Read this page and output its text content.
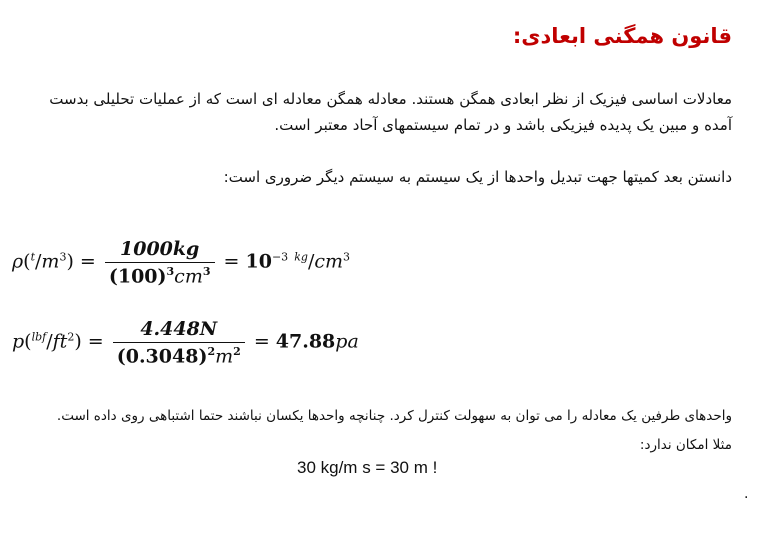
قانون همگنی ابعادی:
معادلات اساسی فیزیک از نظر ابعادی همگن هستند. معادله همگن معادله ای است که از عملیات تحلیلی بدست آمده و مبین یک پدیده فیزیکی باشد و در تمام سیستمهای آحاد معتبر است.
دانستن بعد کمیتها جهت تبدیل واحدها از یک سیستم به سیستم دیگر ضروری است:
$\rho(^t/m^3) = \frac{1000kg}{(100)^3cm^3} = 10^{-3}$ $^{kg}/cm^3$
$p(^{lbf}/ft^2) = \frac{4.448N}{(0.3048)^2m^2} = 47.88pa$
واحدهای طرفین یک معادله را می توان به سهولت کنترل کرد. چنانچه واحدها یکسان نباشند حتما اشتباهی روی داده است.
مثلا امکان ندارد:
30 kg/m s = 30 m !
.
